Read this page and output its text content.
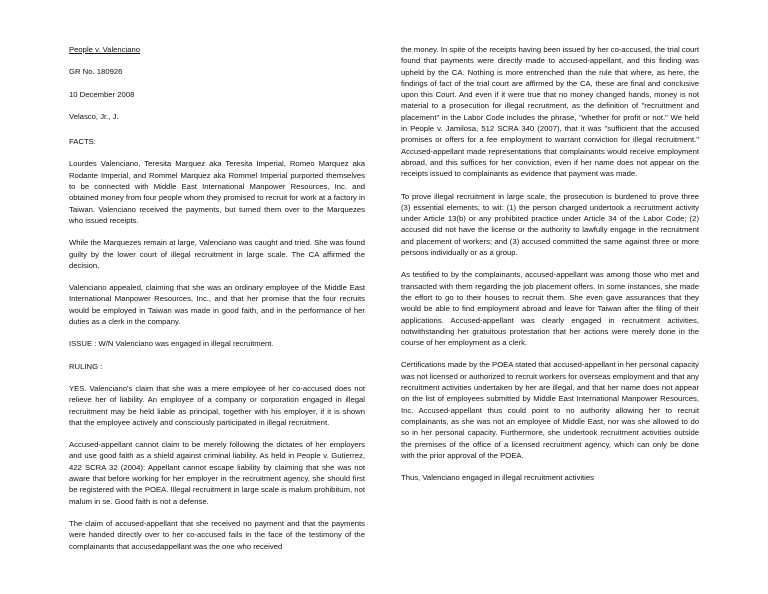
People v. Valenciano

GR No. 180926

10 December 2008

Velasco, Jr., J.

FACTS:

Lourdes Valenciano, Teresita Marquez aka Teresita Imperial, Romeo Marquez aka Rodante Imperial, and Rommel Marquez aka Rommel Imperial purported themselves to be connected with Middle East International Manpower Resources, Inc. and obtained money from four people whom they promised to recruit for work at a factory in Taiwan. Valenciano received the payments, but turned them over to the Marquezes who issued receipts.

While the Marquezes remain at large, Valenciano was caught and tried. She was found guilty by the lower court of illegal recruitment in large scale. The CA affirmed the decision.

Valenciano appealed, claiming that she was an ordinary employee of the Middle East International Manpower Resources, Inc., and that her promise that the four recruits would be employed in Taiwan was made in good faith, and in the performance of her duties as a clerk in the company.

ISSUE : W/N Valenciano was engaged in illegal recruitment.

RULING :

YES. Valenciano's claim that she was a mere employee of her co-accused does not relieve her of liability. An employee of a company or corporation engaged in illegal recruitment may be held liable as principal, together with his employer, if it is shown that the employee actively and consciously participated in illegal recruitment.

Accused-appellant cannot claim to be merely following the dictates of her employers and use good faith as a shield against criminal liability. As held in People v. Gutierrez, 422 SCRA 32 (2004): Appellant cannot escape liability by claiming that she was not aware that before working for her employer in the recruitment agency, she should first be registered with the POEA. Illegal recruitment in large scale is malum prohibitum, not malum in se. Good faith is not a defense.

The claim of accused-appellant that she received no payment and that the payments were handed directly over to her co-accused fails in the face of the testimony of the complainants that accusedappellant was the one who received

the money. In spite of the receipts having been issued by her co-accused, the trial court found that payments were directly made to accused-appellant, and this finding was upheld by the CA. Nothing is more entrenched than the rule that where, as here, the findings of fact of the trial court are affirmed by the CA, these are final and conclusive upon this Court. And even if it were true that no money changed hands, money is not material to a prosecution for illegal recruitment, as the definition of "recruitment and placement" in the Labor Code includes the phrase, "whether for profit or not." We held in People v. Jamilosa, 512 SCRA 340 (2007), that it was "sufficient that the accused promises or offers for a fee employment to warrant conviction for illegal recruitment." Accused-appellant made representations that complainants would receive employment abroad, and this suffices for her conviction, even if her name does not appear on the receipts issued to complainants as evidence that payment was made.

To prove illegal recruitment in large scale, the prosecution is burdened to prove three (3) essential elements, to wit: (1) the person charged undertook a recruitment activity under Article 13(b) or any prohibited practice under Article 34 of the Labor Code; (2) accused did not have the license or the authority to lawfully engage in the recruitment and placement of workers; and (3) accused committed the same against three or more persons individually or as a group.

As testified to by the complainants, accused-appellant was among those who met and transacted with them regarding the job placement offers. In some instances, she made the effort to go to their houses to recruit them. She even gave assurances that they would be able to find employment abroad and leave for Taiwan after the filing of their applications. Accused-appellant was clearly engaged in recruitment activities, notwithstanding her gratuitous protestation that her actions were merely done in the course of her employment as a clerk.

Certifications made by the POEA stated that accused-appellant in her personal capacity was not licensed or authorized to recruit workers for overseas employment and that any recruitment activities undertaken by her are illegal, and that her name does not appear on the list of employees submitted by Middle East International Manpower Resources, Inc. Accused-appellant thus could point to no authority allowing her to recruit complainants, as she was not an employee of Middle East, nor was she allowed to do so in her personal capacity. Furthermore, she undertook recruitment activities outside the premises of the office of a licensed recruitment agency, which can only be done with the prior approval of the POEA.

Thus, Valenciano engaged in illegal recruitment activities
